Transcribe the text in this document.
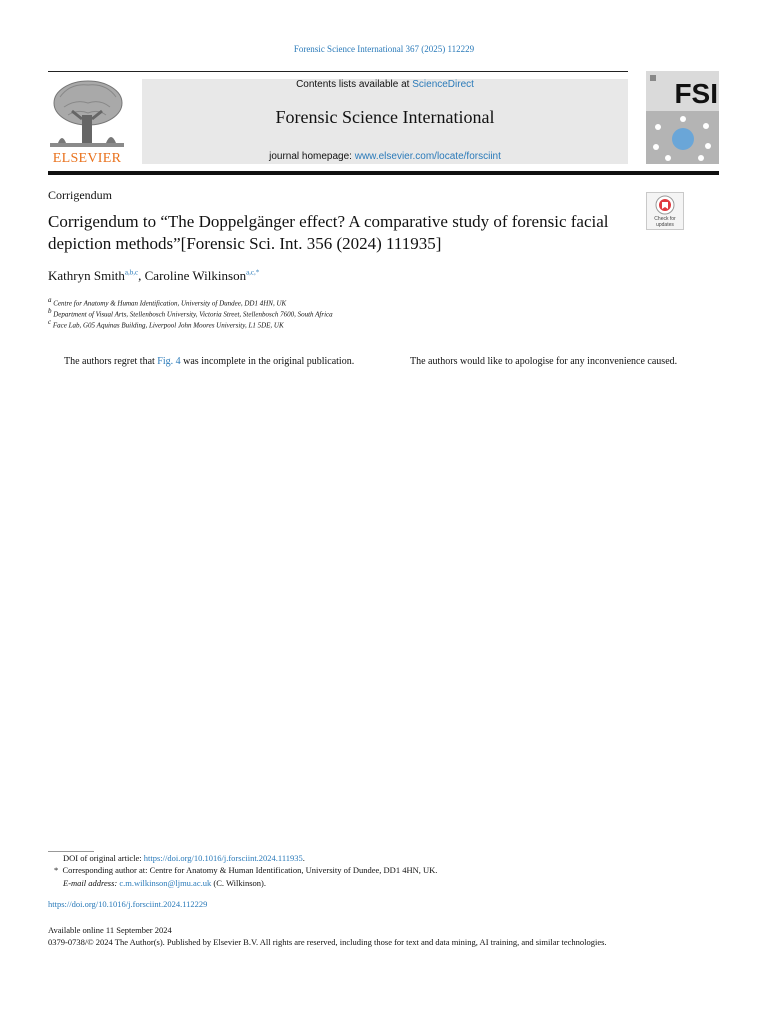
Forensic Science International 367 (2025) 112229
ELSEVIER
Contents lists available at ScienceDirect
Forensic Science International
journal homepage: www.elsevier.com/locate/forsciint
FSI
Corrigendum
Check for
updates
Corrigendum to “The Doppelgänger effect? A comparative study of forensic facial depiction methods”[Forensic Sci. Int. 356 (2024) 111935]
Kathryn Smith$^{a,b,c}$, Caroline Wilkinson$^{a,c,*}$
$^a$ Centre for Anatomy & Human Identification, University of Dundee, DD1 4HN, UK
$^b$ Department of Visual Arts, Stellenbosch University, Victoria Street, Stellenbosch 7600, South Africa
$^c$ Face Lab, G05 Aquinas Building, Liverpool John Moores University, L1 5DE, UK
The authors regret that Fig. 4 was incomplete in the original publication.	The authors would like to apologise for any inconvenience caused.
DOI of original article: https://doi.org/10.1016/j.forsciint.2024.111935.
* Corresponding author at: Centre for Anatomy & Human Identification, University of Dundee, DD1 4HN, UK.
E-mail address: c.m.wilkinson@ljmu.ac.uk (C. Wilkinson).
https://doi.org/10.1016/j.forsciint.2024.112229
Available online 11 September 2024
0379-0738/© 2024 The Author(s). Published by Elsevier B.V. All rights are reserved, including those for text and data mining, AI training, and similar technologies.
